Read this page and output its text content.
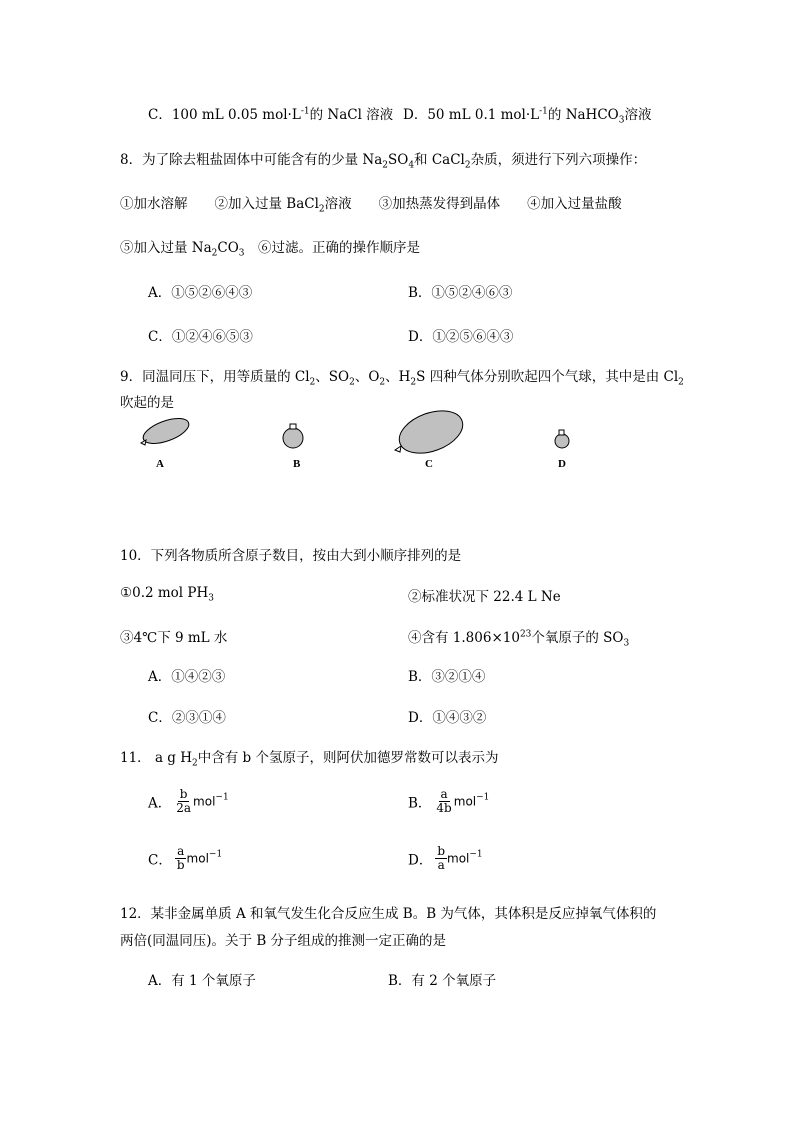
C．100 mL 0.05 $mol\cdot L^{-1}$的 NaCl 溶液 D．50 mL 0.1 $mol\cdot L^{-1}$的 NaHCO$_3$溶液
8．为了除去粗盐固体中可能含有的少量 $Na_2SO_4$和 CaCl$_2$杂质，须进行下列六项操作：
①加水溶解　　②加入过量 BaCl$_2$溶液　　③加热蒸发得到晶体　　④加入过量盐酸
⑤加入过量 $Na_2CO_3$　⑥过滤。正确的操作顺序是
A．①⑤②⑥④③	B．①⑤②④⑥③
C．①②④⑥⑤③	D．①②⑤⑥④③
9．同温同压下，用等质量的 $Cl_2$、$SO_2$、$O_2$、$H_2S$ 四种气体分别吹起四个气球，其中是由 $Cl_2$
吹起的是
A	B	C	D
10．下列各物质所含原子数目，按由大到小顺序排列的是
①0.2 mol $PH_3$	②标准状况下 22.4 L Ne
③4℃下 9 mL 水	④含有 $1.806\times 10^{23}$个氧原子的 $SO_3$
A．①④②③	B．③②①④
C．②③①④	D．①④③②
11． a g $H_2$中含有 b 个氢原子，则阿伏加德罗常数可以表示为
A． $\frac{b}{2a} mol^{-1}$	B． $\frac{a}{4b} mol^{-1}$
C． $\frac{a}{b} mol^{-1}$	D． $\frac{b}{a} mol^{-1}$
12．某非金属单质 A 和氧气发生化合反应生成 B。B 为气体，其体积是反应掉氧气体积的
两倍(同温同压)。关于 B 分子组成的推测一定正确的是
A．有 1 个氧原子	B．有 2 个氧原子
